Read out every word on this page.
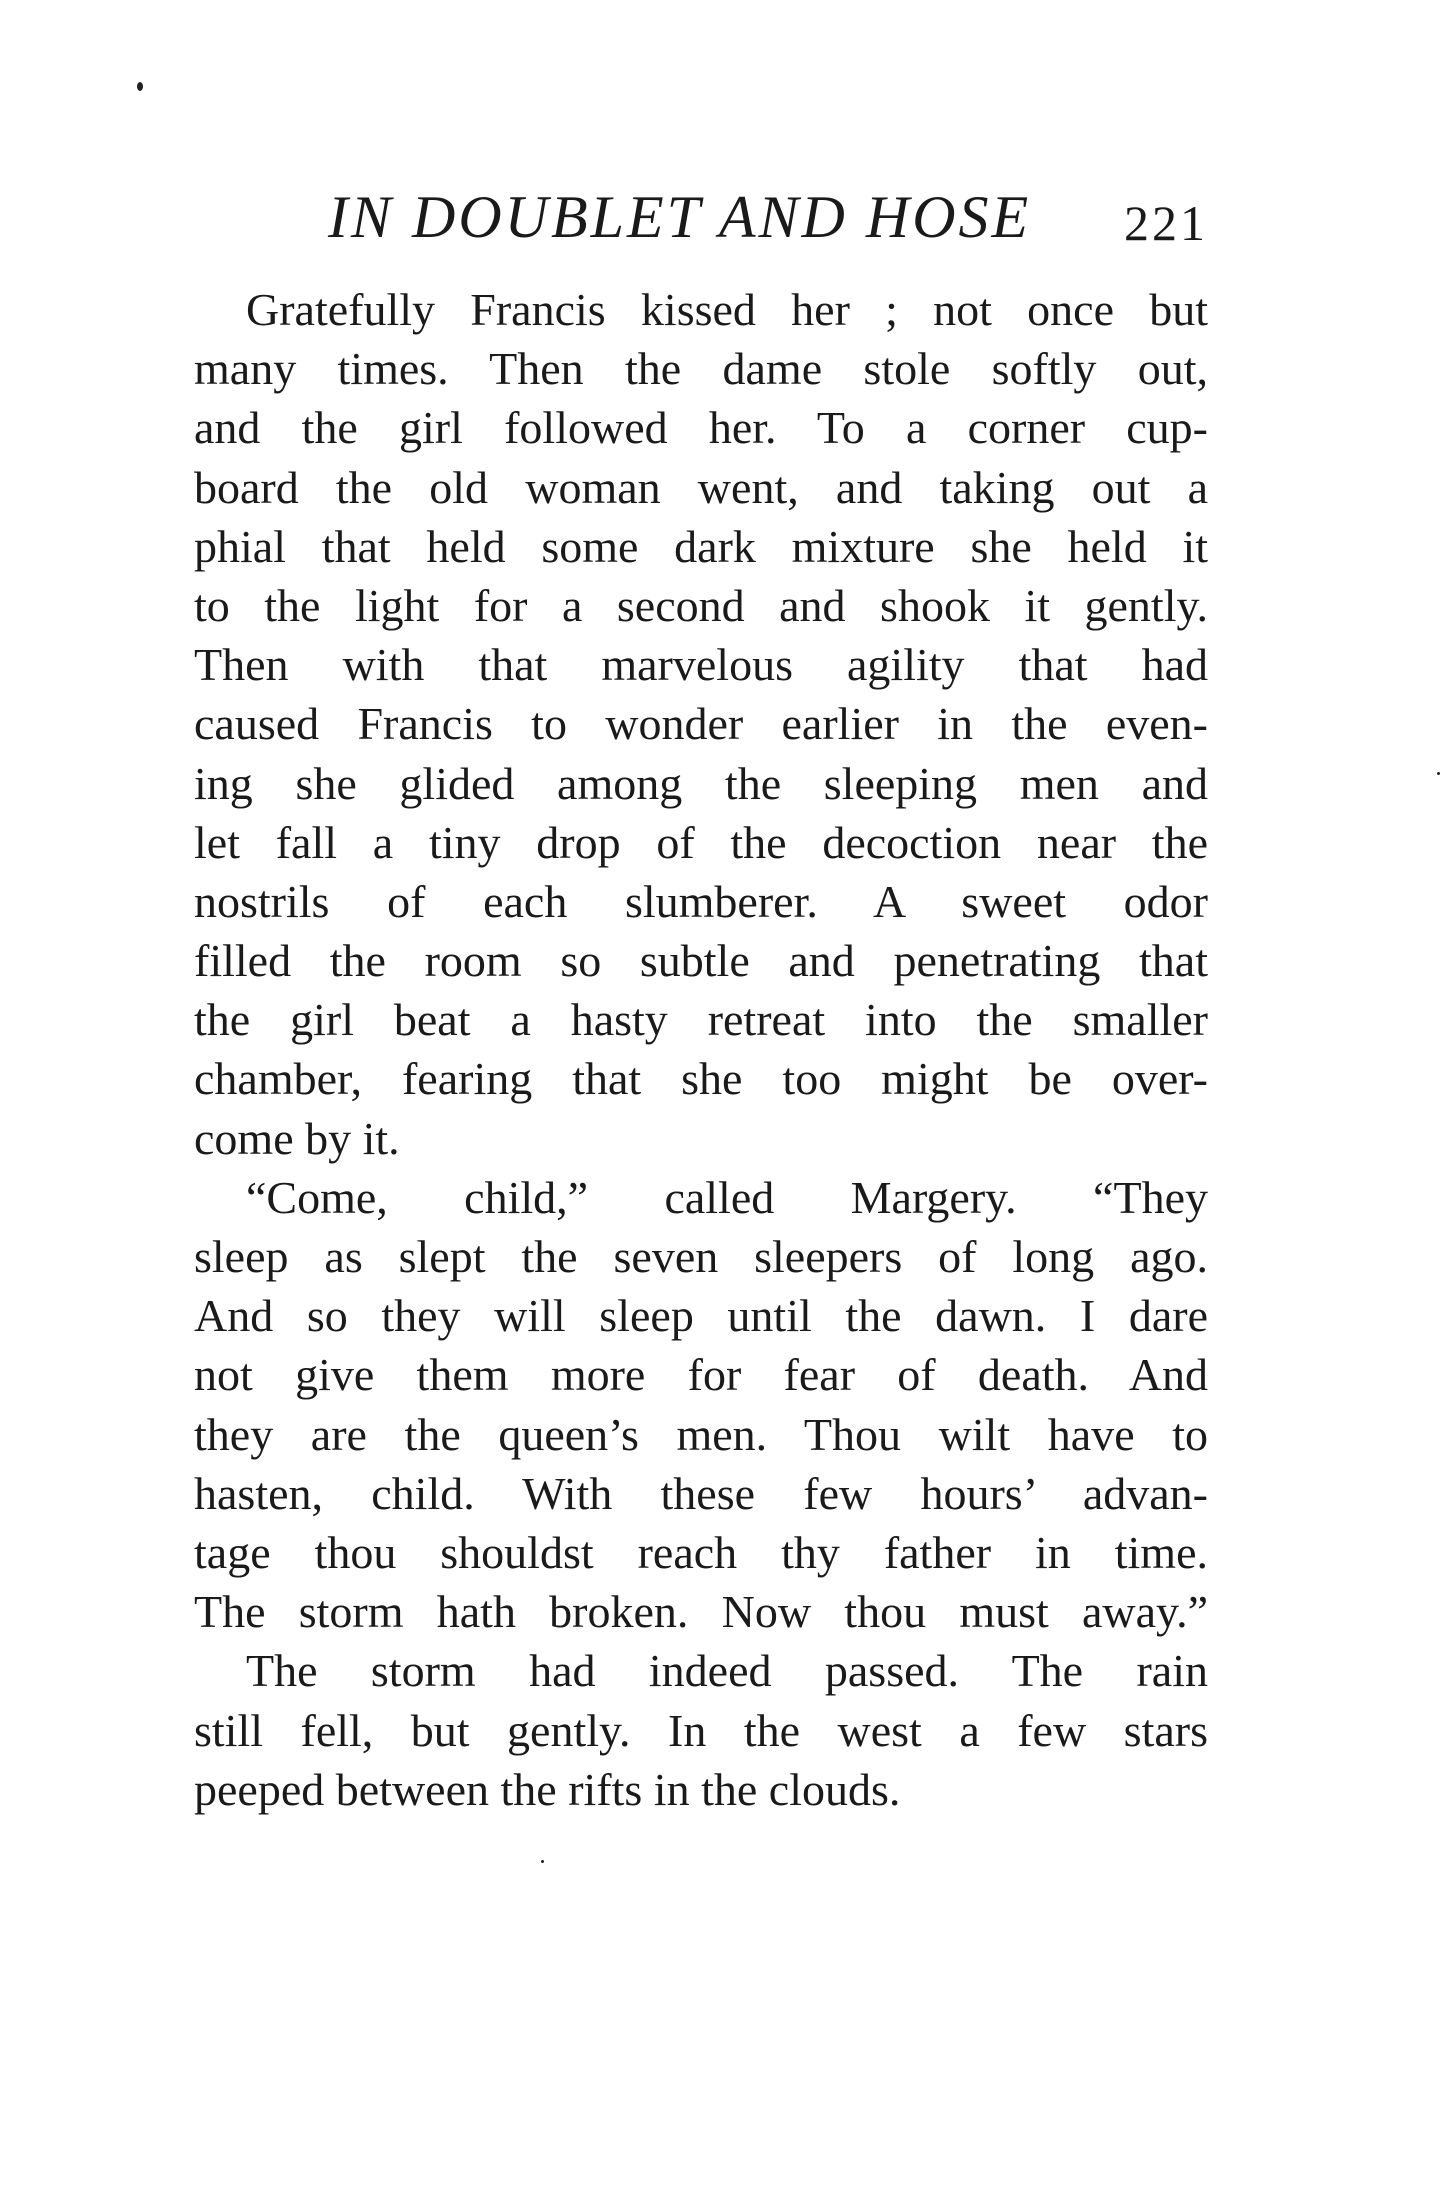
IN DOUBLET AND HOSE 221
Gratefully Francis kissed her ; not once but
many times. Then the dame stole softly out,
and the girl followed her. To a corner cup-
board the old woman went, and taking out a
phial that held some dark mixture she held it
to the light for a second and shook it gently.
Then with that marvelous agility that had
caused Francis to wonder earlier in the even-
ing she glided among the sleeping men and
let fall a tiny drop of the decoction near the
nostrils of each slumberer. A sweet odor
filled the room so subtle and penetrating that
the girl beat a hasty retreat into the smaller
chamber, fearing that she too might be over-
come by it.
“Come, child,” called Margery. “They
sleep as slept the seven sleepers of long ago.
And so they will sleep until the dawn. I dare
not give them more for fear of death. And
they are the queen’s men. Thou wilt have to
hasten, child. With these few hours’ advan-
tage thou shouldst reach thy father in time.
The storm hath broken. Now thou must away.”
The storm had indeed passed. The rain
still fell, but gently. In the west a few stars
peeped between the rifts in the clouds.
